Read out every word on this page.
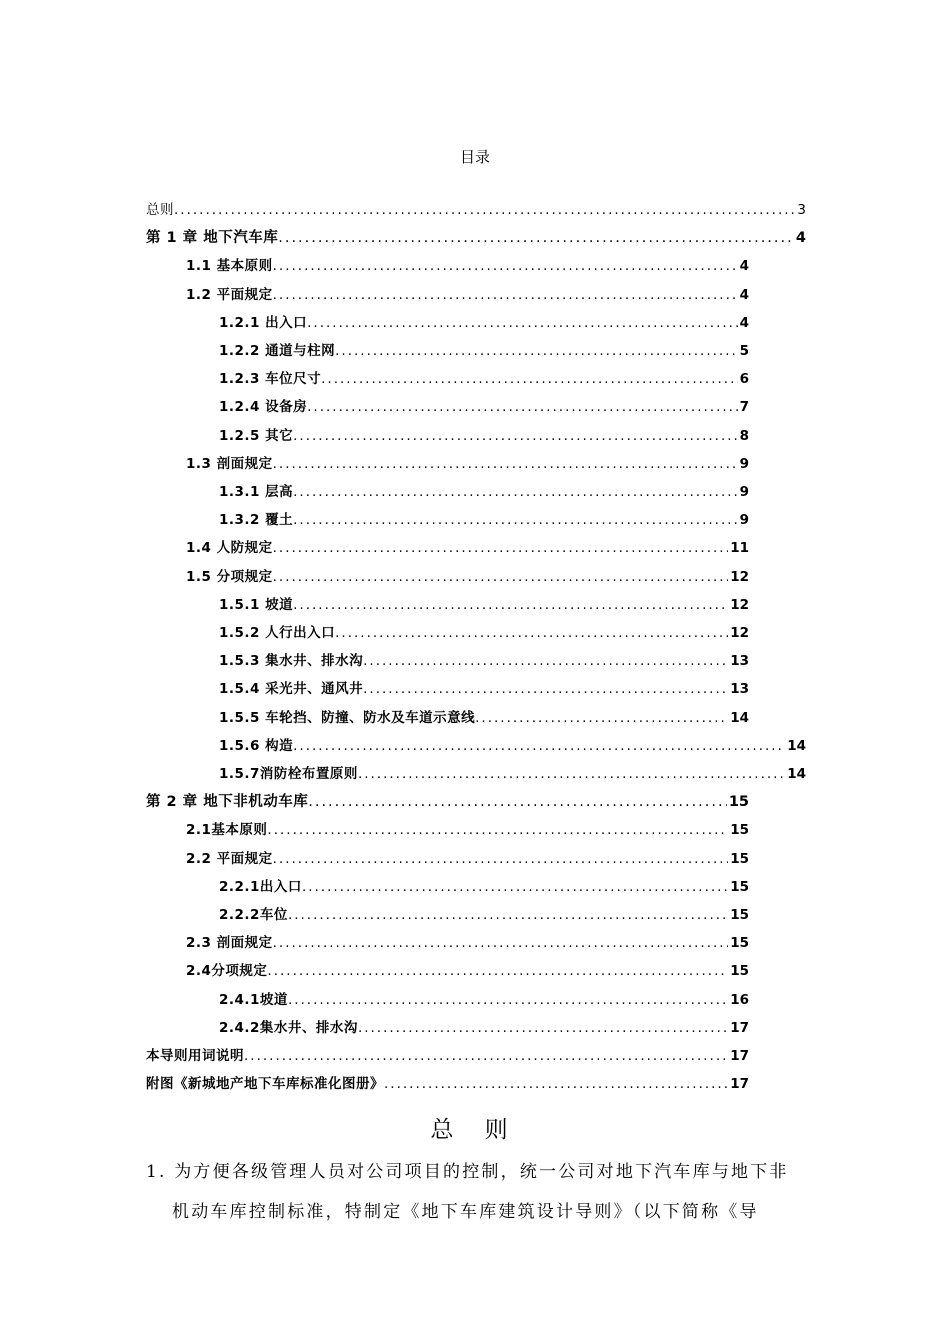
目录
总则 .....	3
第 1 章 地下汽车库 .....	4
1.1 基本原则 .....	4
1.2 平面规定 .....	4
1.2.1 出入口 .....	4
1.2.2 通道与柱网 .....	5
1.2.3 车位尺寸 .....	6
1.2.4 设备房 .....	7
1.2.5 其它 .....	8
1.3 剖面规定 .....	9
1.3.1 层高 .....	9
1.3.2 覆土 .....	9
1.4 人防规定 .....	11
1.5 分项规定 .....	12
1.5.1 坡道 .....	12
1.5.2 人行出入口 .....	12
1.5.3 集水井、排水沟 .....	13
1.5.4 采光井、通风井 .....	13
1.5.5 车轮挡、防撞、防水及车道示意线 .....	14
1.5.6 构造 .....	14
1.5.7消防栓布置原则 .....	14
第 2 章 地下非机动车库 .....	15
2.1基本原则 .....	15
2.2 平面规定 .....	15
2.2.1出入口 .....	15
2.2.2车位 .....	15
2.3 剖面规定 .....	15
2.4分项规定 .....	15
2.4.1坡道 .....	16
2.4.2集水井、排水沟 .....	17
本导则用词说明 .....	17
附图《新城地产地下车库标准化图册》 .....	17
总 则
1. 为方便各级管理人员对公司项目的控制，统一公司对地下汽车库与地下非
机动车库控制标准，特制定《地下车库建筑设计导则》（以下简称《导
